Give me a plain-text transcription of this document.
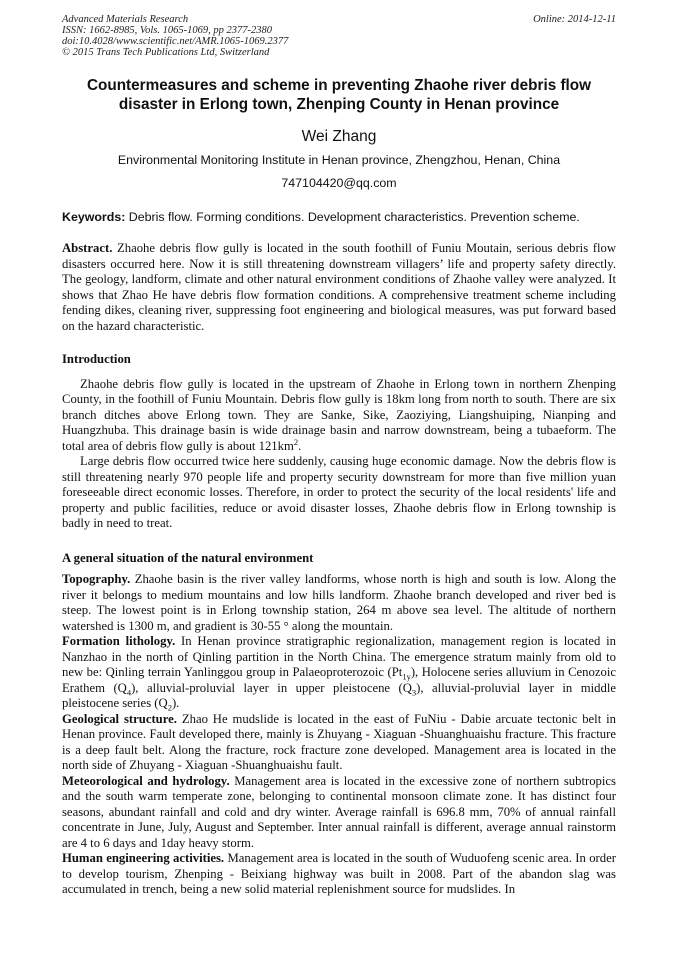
Advanced Materials Research	Online: 2014-12-11
ISSN: 1662-8985, Vols. 1065-1069, pp 2377-2380
doi:10.4028/www.scientific.net/AMR.1065-1069.2377
© 2015 Trans Tech Publications Ltd, Switzerland
Countermeasures and scheme in preventing Zhaohe river debris flow disaster in Erlong town, Zhenping County in Henan province
Wei Zhang
Environmental Monitoring Institute in Henan province, Zhengzhou, Henan, China
747104420@qq.com
Keywords: Debris flow. Forming conditions. Development characteristics. Prevention scheme.

Abstract. Zhaohe debris flow gully is located in the south foothill of Funiu Moutain, serious debris flow disasters occurred here. Now it is still threatening downstream villagers’ life and property safety directly. The geology, landform, climate and other natural environment conditions of Zhaohe valley were analyzed. It shows that Zhao He have debris flow formation conditions. A comprehensive treatment scheme including fending dikes, cleaning river, suppressing foot engineering and biological measures, was put forward based on the hazard characteristic.

Introduction

Zhaohe debris flow gully is located in the upstream of Zhaohe in Erlong town in northern Zhenping County, in the foothill of Funiu Mountain. Debris flow gully is 18km long from north to south. There are six branch ditches above Erlong town. They are Sanke, Sike, Zaoziying, Liangshuiping, Nianping and Huangzhuba. This drainage basin is wide drainage basin and narrow downstream, being a tubaeform. The total area of debris flow gully is about $121km^2$.

Large debris flow occurred twice here suddenly, causing huge economic damage. Now the debris flow is still threatening nearly 970 people life and property security downstream for more than five million yuan foreseeable direct economic losses. Therefore, in order to protect the security of the local residents' life and property and public facilities, reduce or avoid disaster losses, Zhaohe debris flow in Erlong township is badly in need to treat.

A general situation of the natural environment

Topography. Zhaohe basin is the river valley landforms, whose north is high and south is low. Along the river it belongs to medium mountains and low hills landform. Zhaohe branch developed and river bed is steep. The lowest point is in Erlong township station, 264 m above sea level. The altitude of northern watershed is 1300 m, and gradient is 30-55 ° along the mountain.

Formation lithology. In Henan province stratigraphic regionalization, management region is located in Nanzhao in the north of Qinling partition in the North China. The emergence stratum mainly from old to new be: Qinling terrain Yanlinggou group in Palaeoproterozoic $(Pt_{1y})$, Holocene series alluvium in Cenozoic Erathem $(Q_4)$, alluvial-proluvial layer in upper pleistocene $(Q_3)$, alluvial-proluvial layer in middle pleistocene series $(Q_2)$.

Geological structure. Zhao He mudslide is located in the east of FuNiu - Dabie arcuate tectonic belt in Henan province. Fault developed there, mainly is Zhuyang - Xiaguan -Shuanghuaishu fracture. This fracture is a deep fault belt. Along the fracture, rock fracture zone developed. Management area is located in the north side of Zhuyang - Xiaguan -Shuanghuaishu fault.

Meteorological and hydrology. Management area is located in the excessive zone of northern subtropics and the south warm temperate zone, belonging to continental monsoon climate zone. It has distinct four seasons, abundant rainfall and cold and dry winter. Average rainfall is 696.8 mm, 70% of annual rainfall concentrate in June, July, August and September. Inter annual rainfall is different, average annual rainstorm are 4 to 6 days and 1day heavy storm.

Human engineering activities. Management area is located in the south of Wuduofeng scenic area. In order to develop tourism, Zhenping - Beixiang highway was built in 2008. Part of the abandon slag was accumulated in trench, being a new solid material replenishment source for mudslides. In
